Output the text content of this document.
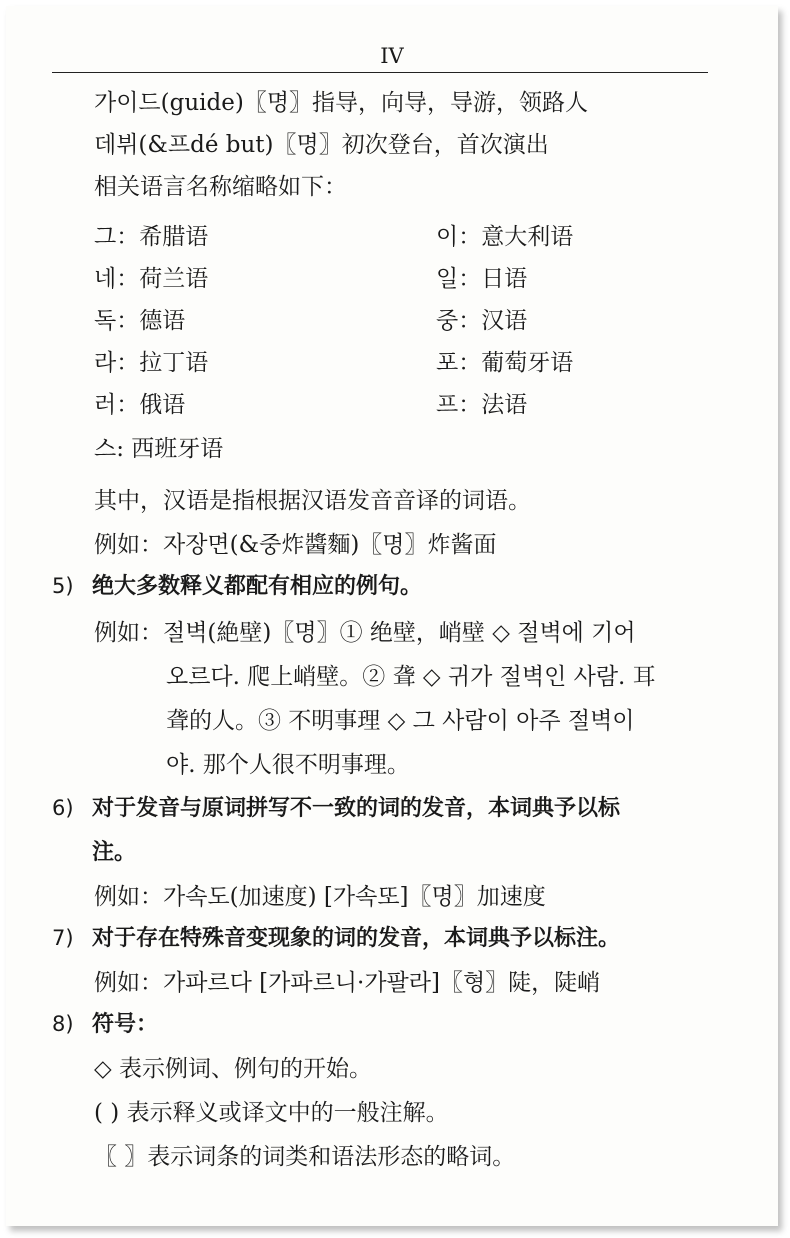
IV
가이드(guide)〖명〗指导，向导，导游，领路人
데뷔(&프dé but)〖명〗初次登台，首次演出
相关语言名称缩略如下：
그：希腊语
네：荷兰语
독：德语
라：拉丁语
러：俄语
스: 西班牙语
이：意大利语
일：日语
중：汉语
포：葡萄牙语
프：法语
其中，汉语是指根据汉语发音音译的词语。
例如：자장면(&중炸醬麵)〖명〗炸酱面
5) 绝大多数释义都配有相应的例句。
例如：절벽(絶壁)〖명〗① 绝壁，峭壁 ◇ 절벽에 기어
오르다. 爬上峭壁。② 聋 ◇ 귀가 절벽인 사람. 耳
聋的人。③ 不明事理 ◇ 그 사람이 아주 절벽이
야. 那个人很不明事理。
6) 对于发音与原词拼写不一致的词的发音，本词典予以标
注。
例如：가속도(加速度) [가속또]〖명〗加速度
7) 对于存在特殊音变现象的词的发音，本词典予以标注。
例如：가파르다 [가파르니·가팔라]〖형〗陡，陡峭
8) 符号：
◇ 表示例词、例句的开始。
( ) 表示释义或译文中的一般注解。
〖 〗表示词条的词类和语法形态的略词。
